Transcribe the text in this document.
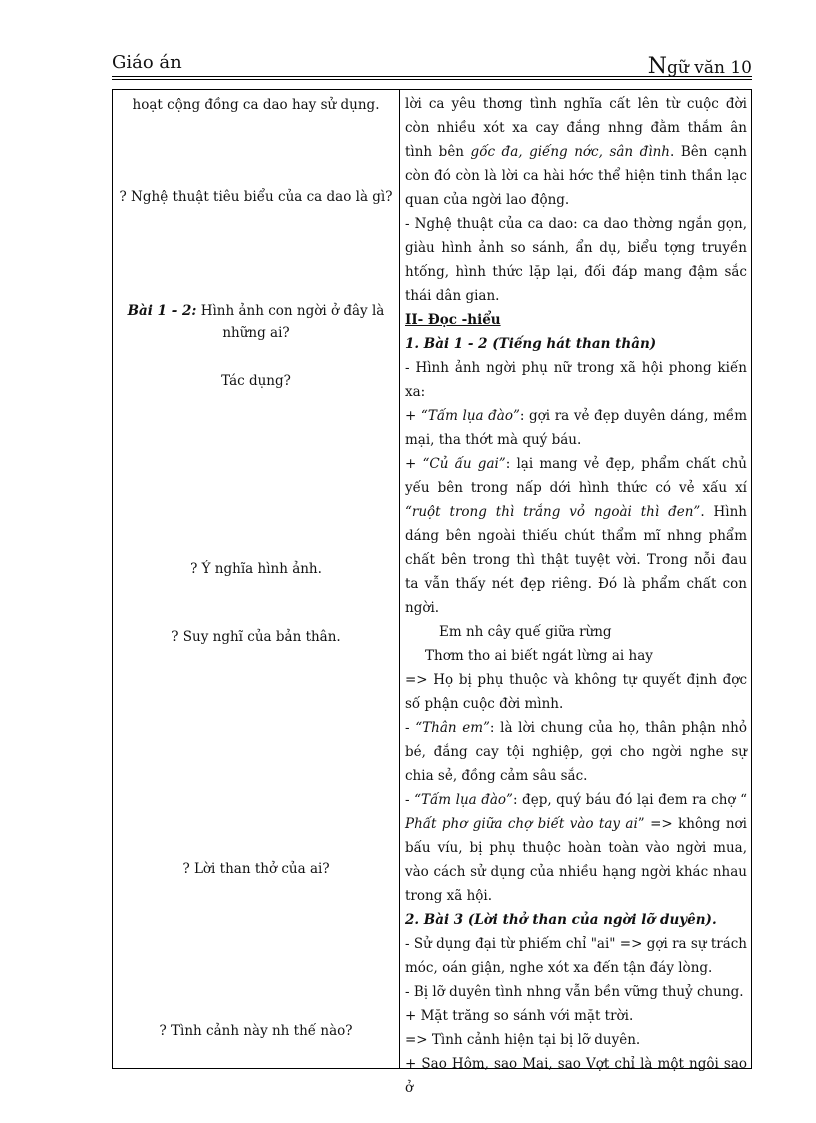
Giáo án	Ngữ văn 10
hoạt cộng đồng ca dao hay sử dụng.
? Nghệ thuật tiêu biểu của ca dao là gì?
Bài 1 - 2: Hình ảnh con ngời ở đây là
những ai?
Tác dụng?
? Ý nghĩa hình ảnh.
? Suy nghĩ của bản thân.
? Lời than thở của ai?
? Tình cảnh này nh thế nào?

lời ca yêu thơng tình nghĩa cất lên từ cuộc đời còn nhiều xót xa cay đắng nhng đằm thắm ân tình bên gốc đa, giếng nớc, sân đình. Bên cạnh còn đó còn là lời ca hài hớc thể hiện tinh thần lạc quan của ngời lao động.

- Nghệ thuật của ca dao: ca dao thờng ngắn gọn, giàu hình ảnh so sánh, ẩn dụ, biểu tợng truyền htống, hình thức lặp lại, đối đáp mang đậm sắc thái dân gian.

II- Đọc -hiểu

1. Bài 1 - 2 (Tiếng hát than thân)

- Hình ảnh ngời phụ nữ trong xã hội phong kiến xa:

+ “Tấm lụa đào”: gợi ra vẻ đẹp duyên dáng, mềm mại, tha thớt mà quý báu.

+ “Củ ấu gai”: lại mang vẻ đẹp, phẩm chất chủ yếu bên trong nấp dới hình thức có vẻ xấu xí “ruột trong thì trắng vỏ ngoài thì đen”. Hình dáng bên ngoài thiếu chút thẩm mĩ nhng phẩm chất bên trong thì thật tuyệt vời. Trong nỗi đau ta vẫn thấy nét đẹp riêng. Đó là phẩm chất con ngời.

Em nh cây quế giữa rừng

Thơm tho ai biết ngát lừng ai hay

=> Họ bị phụ thuộc và không tự quyết định đợc số phận cuộc đời mình.

- “Thân em”: là lời chung của họ, thân phận nhỏ bé, đắng cay tội nghiệp, gợi cho ngời nghe sự chia sẻ, đồng cảm sâu sắc.

- “Tấm lụa đào”: đẹp, quý báu đó lại đem ra chợ “ Phất phơ giữa chợ biết vào tay ai” => không nơi bấu víu, bị phụ thuộc hoàn toàn vào ngời mua, vào cách sử dụng của nhiều hạng ngời khác nhau trong xã hội.

2. Bài 3 (Lời thở than của ngời lỡ duyên).

- Sử dụng đại từ phiếm chỉ "ai" => gợi ra sự trách móc, oán giận, nghe xót xa đến tận đáy lòng.

- Bị lỡ duyên tình nhng vẫn bền vững thuỷ chung.

+ Mặt trăng so sánh với mặt trời.

=> Tình cảnh hiện tại bị lỡ duyên.

+ Sao Hôm, sao Mai, sao Vợt chỉ là một ngôi sao ở
